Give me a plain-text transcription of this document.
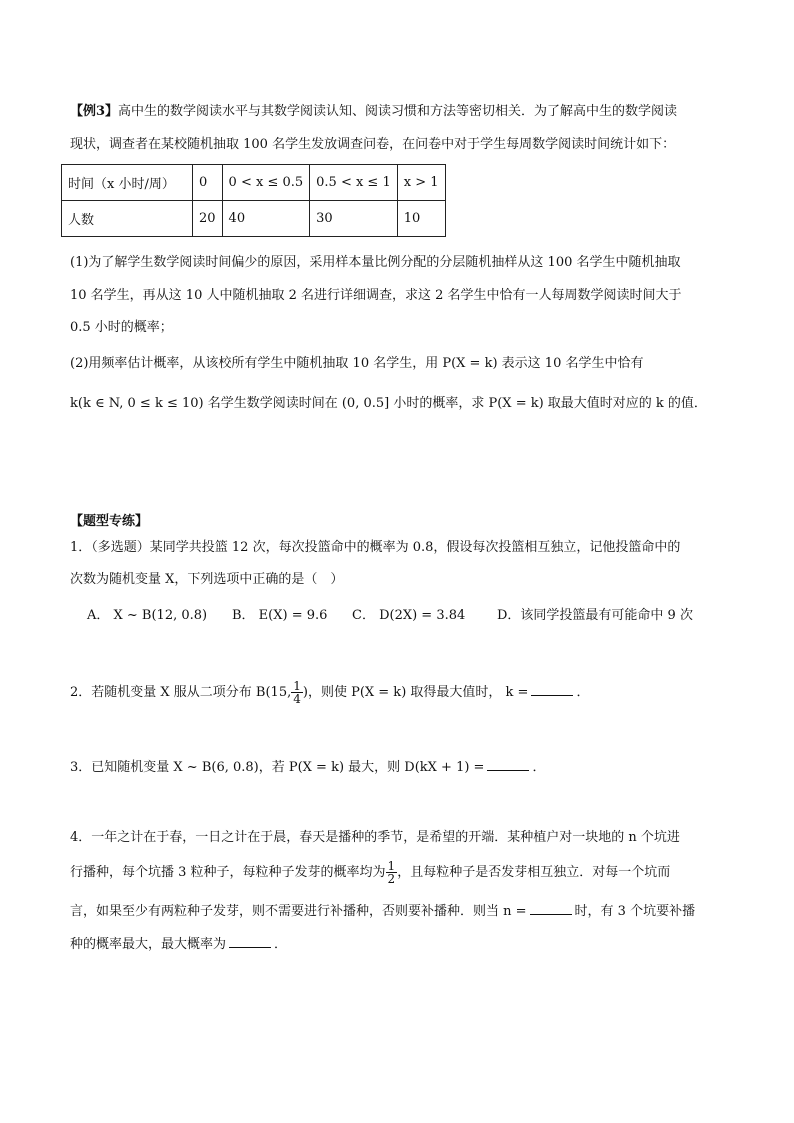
【例3】高中生的数学阅读水平与其数学阅读认知、阅读习惯和方法等密切相关．为了解高中生的数学阅读
现状，调查者在某校随机抽取 100 名学生发放调查问卷，在问卷中对于学生每周数学阅读时间统计如下：
时间（x 小时/周）	0	0 < x ≤ 0.5	0.5 < x ≤ 1	x > 1
人数	20	40	30	10
(1)为了解学生数学阅读时间偏少的原因，采用样本量比例分配的分层随机抽样从这 100 名学生中随机抽取
10 名学生，再从这 10 人中随机抽取 2 名进行详细调查，求这 2 名学生中恰有一人每周数学阅读时间大于
0.5 小时的概率；
(2)用频率估计概率，从该校所有学生中随机抽取 10 名学生，用 P(X = k) 表示这 10 名学生中恰有
k(k ∈ N, 0 ≤ k ≤ 10) 名学生数学阅读时间在 (0, 0.5] 小时的概率，求 P(X = k) 取最大值时对应的 k 的值．
【题型专练】
1．（多选题）某同学共投篮 12 次，每次投篮命中的概率为 0.8，假设每次投篮相互独立，记他投篮命中的
次数为随机变量 X，下列选项中正确的是（　）
A． X ~ B(12, 0.8) B． E(X) = 9.6 C． D(2X) = 3.84 D．该同学投篮最有可能命中 9 次
2．若随机变量 X 服从二项分布 B(15, $\frac{1}{4}$ )，则使 P(X = k) 取得最大值时， k =	．
3．已知随机变量 X ~ B(6, 0.8)，若 P(X = k) 最大，则 D(kX + 1) =	．
4．一年之计在于春，一日之计在于晨，春天是播种的季节，是希望的开端．某种植户对一块地的 n 个坑进
行播种，每个坑播 3 粒种子，每粒种子发芽的概率均为 $\frac{1}{2}$ ，且每粒种子是否发芽相互独立．对每一个坑而
言，如果至少有两粒种子发芽，则不需要进行补播种，否则要补播种．则当 n =	时，有 3 个坑要补播
种的概率最大，最大概率为	．
